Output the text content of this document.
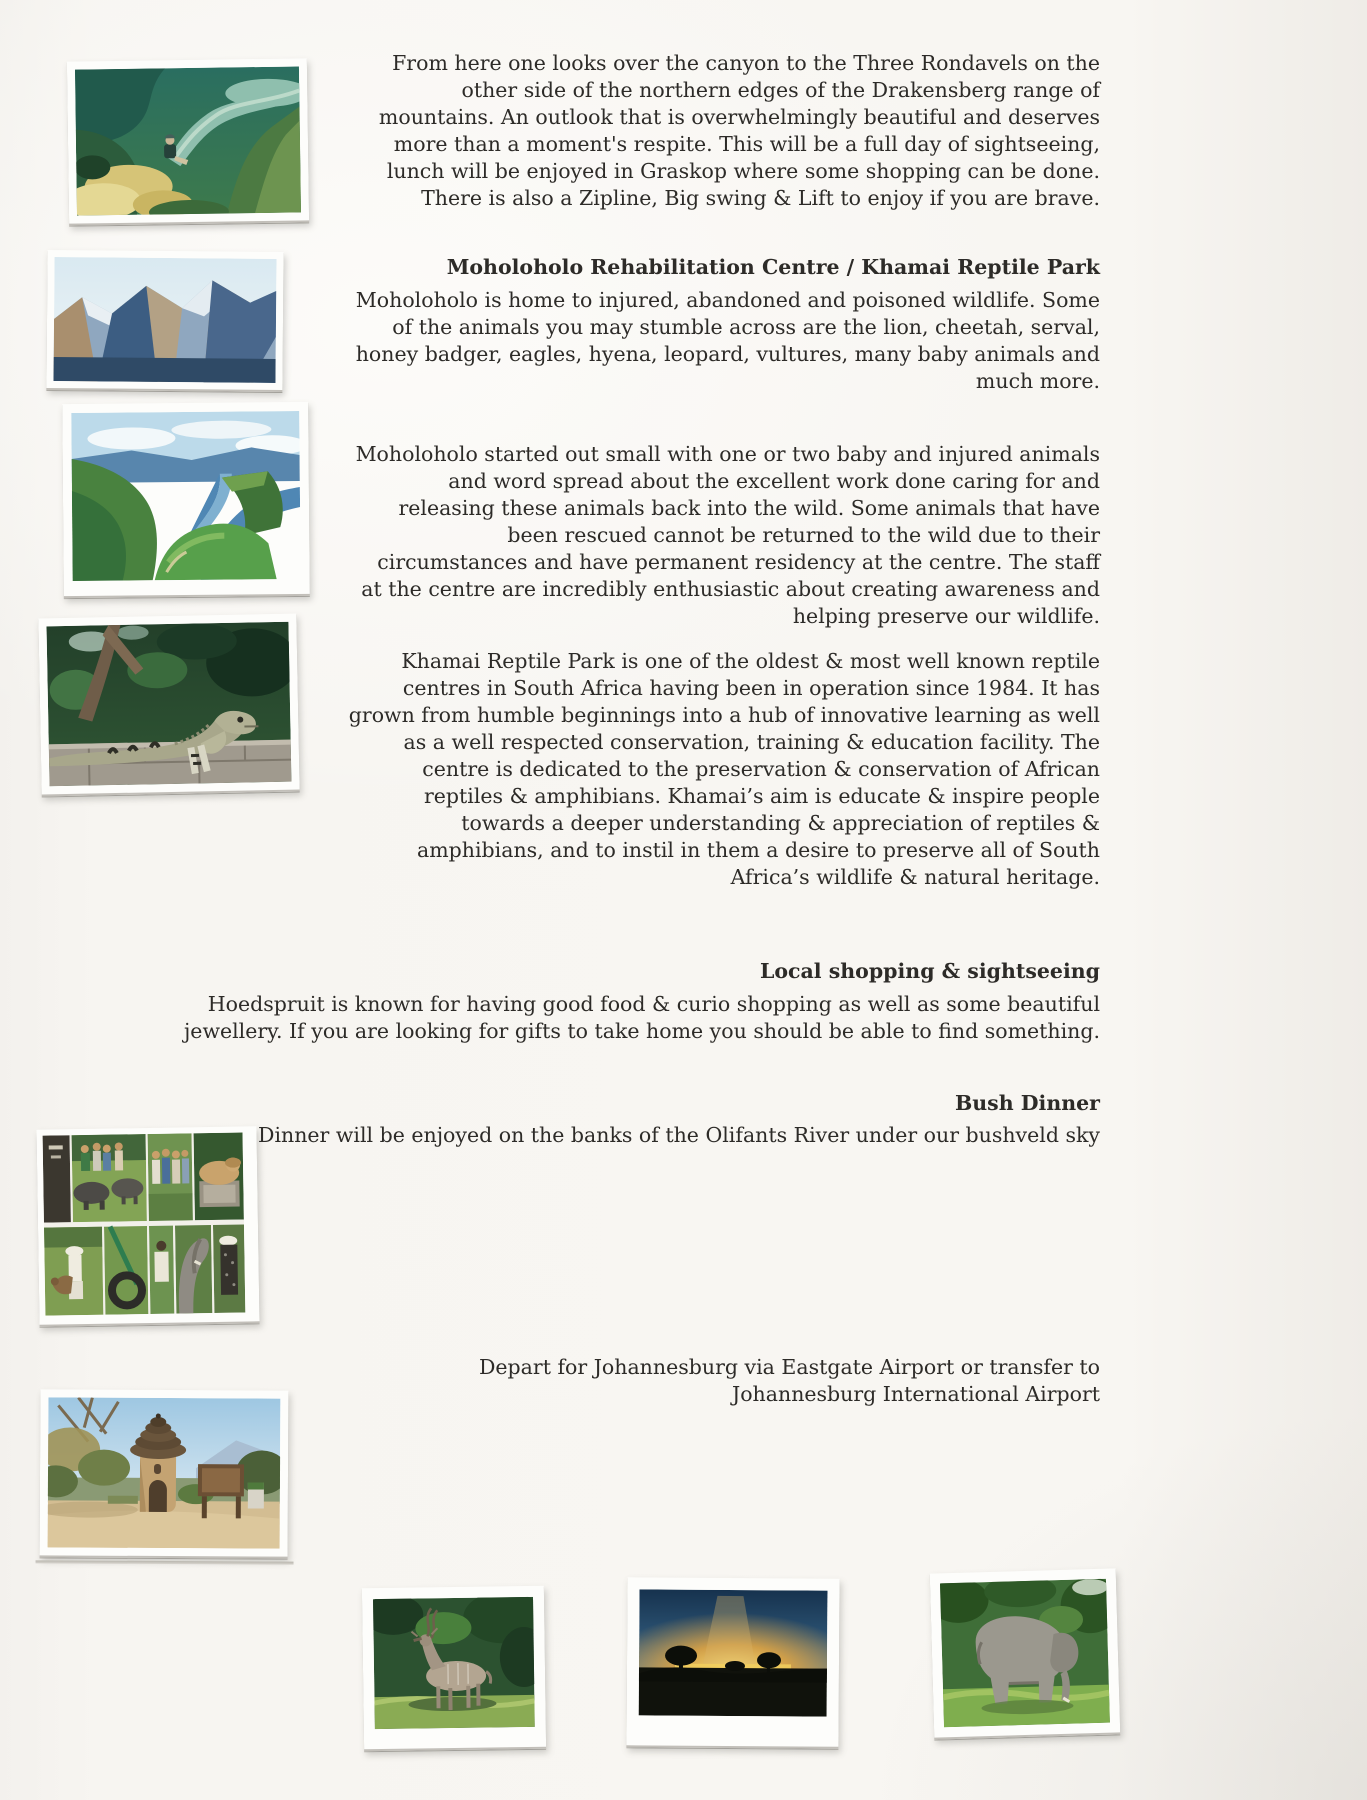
From here one looks over the canyon to the Three Rondavels on the other side of the northern edges of the Drakensberg range of mountains. An outlook that is overwhelmingly beautiful and deserves more than a moment's respite. This will be a full day of sightseeing, lunch will be enjoyed in Graskop where some shopping can be done. There is also a Zipline, Big swing & Lift to enjoy if you are brave.

Moholoholo Rehabilitation Centre / Khamai Reptile Park

Moholoholo is home to injured, abandoned and poisoned wildlife. Some of the animals you may stumble across are the lion, cheetah, serval, honey badger, eagles, hyena, leopard, vultures, many baby animals and much more.

Moholoholo started out small with one or two baby and injured animals and word spread about the excellent work done caring for and releasing these animals back into the wild. Some animals that have been rescued cannot be returned to the wild due to their circumstances and have permanent residency at the centre. The staff at the centre are incredibly enthusiastic about creating awareness and helping preserve our wildlife.

Khamai Reptile Park is one of the oldest & most well known reptile centres in South Africa having been in operation since 1984. It has grown from humble beginnings into a hub of innovative learning as well as a well respected conservation, training & education facility. The centre is dedicated to the preservation & conservation of African reptiles & amphibians. Khamai’s aim is educate & inspire people towards a deeper understanding & appreciation of reptiles & amphibians, and to instil in them a desire to preserve all of South Africa’s wildlife & natural heritage.

Local shopping & sightseeing

Hoedspruit is known for having good food & curio shopping as well as some beautiful jewellery. If you are looking for gifts to take home you should be able to find something.

Bush Dinner

Dinner will be enjoyed on the banks of the Olifants River under our bushveld sky

Depart for Johannesburg via Eastgate Airport or transfer to Johannesburg International Airport
